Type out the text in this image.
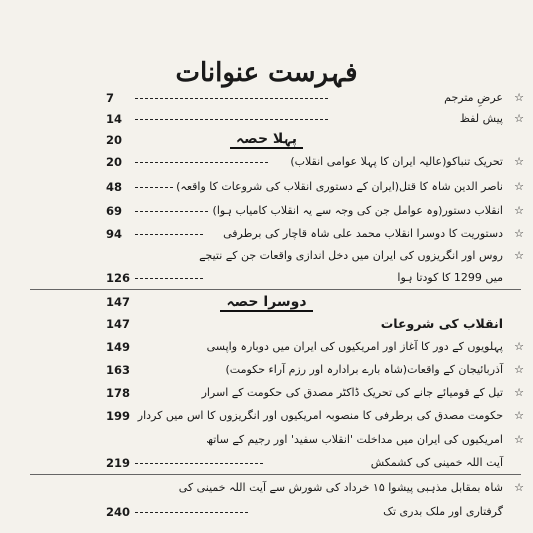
فہرست عنوانات
7	عرضِ مترجم ☆
14	پیش لفظ ☆
20	پہلا حصہ
20	تحریک تنباکو(عالیہ ایران کا پہلا عوامی انقلاب) ☆
48	ناصر الدین شاہ کا قتل(ایران کے دستوری انقلاب کی شروعات کا واقعہ) ☆
69	انقلاب دستور(وہ عوامل جن کی وجہ سے یہ انقلاب کامیاب ہوا) ☆
94	دستوریت کا دوسرا انقلاب محمد علی شاہ قاچار کی برطرفی ☆
روس اور انگریزوں کی ایران میں دخل اندازی واقعات جن کے نتیجے ☆
126	میں 1299 کا کودتا ہوا
147	دوسرا حصہ
147	انقلاب کی شروعات
149	پہلویوں کے دور کا آغاز اور امریکیوں کی ایران میں دوبارہ واپسی ☆
163	آذربائیجان کے واقعات(شاہ بارے برادارہ اور رزم آراء حکومت) ☆
178	تیل کے قومیائے جانے کی تحریک ڈاکٹر مصدق کی حکومت کے اسرار ☆
199 حکومت مصدق کی برطرفی کا منصوبہ امریکیوں اور انگریزوں کا اس میں کردار ☆
امریکیوں کی ایران میں مداخلت 'انقلاب سفید' اور رجیم کے ساتھ ☆
219	آیت اللہ خمینی کی کشمکش
شاہ بمقابل مذہبی پیشوا ۱۵ خرداد کی شورش سے آیت اللہ خمینی کی ☆
240	گرفتاری اور ملک بدری تک
